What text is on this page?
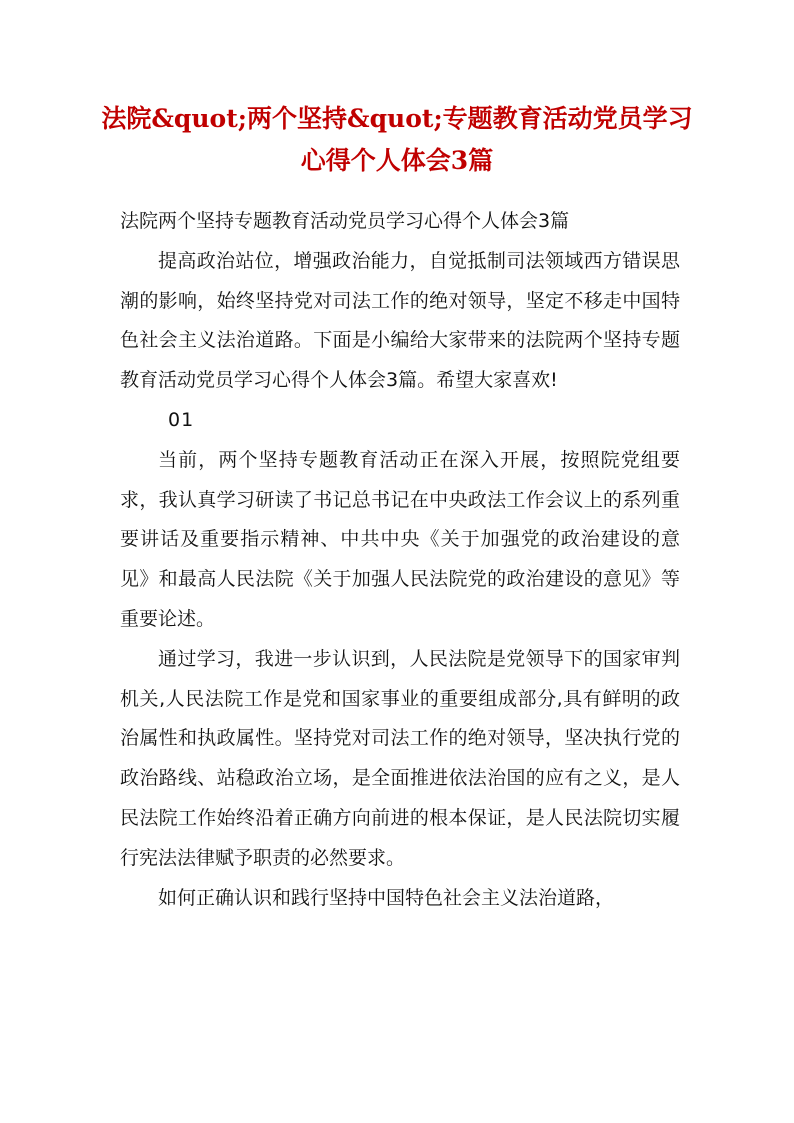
法院&quot;两个坚持&quot;专题教育活动党员学习心得个人体会3篇

法院两个坚持专题教育活动党员学习心得个人体会3篇

提高政治站位，增强政治能力，自觉抵制司法领域西方错误思潮的影响，始终坚持党对司法工作的绝对领导，坚定不移走中国特色社会主义法治道路。下面是小编给大家带来的法院两个坚持专题教育活动党员学习心得个人体会3篇。希望大家喜欢!

01

当前，两个坚持专题教育活动正在深入开展，按照院党组要求，我认真学习研读了书记总书记在中央政法工作会议上的系列重要讲话及重要指示精神、中共中央《关于加强党的政治建设的意见》和最高人民法院《关于加强人民法院党的政治建设的意见》等重要论述。

通过学习，我进一步认识到，人民法院是党领导下的国家审判机关,人民法院工作是党和国家事业的重要组成部分,具有鲜明的政治属性和执政属性。坚持党对司法工作的绝对领导，坚决执行党的政治路线、站稳政治立场，是全面推进依法治国的应有之义，是人民法院工作始终沿着正确方向前进的根本保证，是人民法院切实履行宪法法律赋予职责的必然要求。

如何正确认识和践行坚持中国特色社会主义法治道路，
